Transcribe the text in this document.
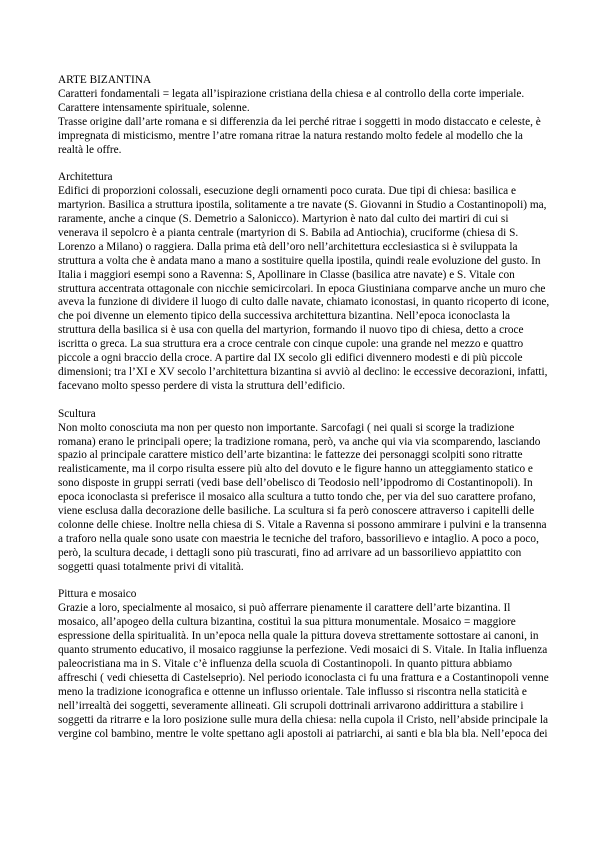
ARTE BIZANTINA

Caratteri fondamentali = legata all’ispirazione cristiana della chiesa e al controllo della corte imperiale. Carattere intensamente spirituale, solenne.

Trasse origine dall’arte romana e si differenzia da lei perché ritrae i soggetti in modo distaccato e celeste, è impregnata di misticismo, mentre l’atre romana ritrae la natura restando molto fedele al modello che la realtà le offre.

Architettura

Edifici di proporzioni colossali, esecuzione degli ornamenti poco curata. Due tipi di chiesa: basilica e martyrion. Basilica a struttura ipostila, solitamente a tre navate (S. Giovanni in Studio a Costantinopoli) ma, raramente, anche a cinque (S. Demetrio a Salonicco). Martyrion è nato dal culto dei martiri di cui si venerava il sepolcro è a pianta centrale (martyrion di S. Babila ad Antiochia), cruciforme (chiesa di S. Lorenzo a Milano) o raggiera. Dalla prima età dell’oro nell’architettura ecclesiastica si è sviluppata la struttura a volta che è andata mano a mano a sostituire quella ipostila, quindi reale evoluzione del gusto. In Italia i maggiori esempi sono a Ravenna: S, Apollinare in Classe (basilica atre navate) e S. Vitale con struttura accentrata ottagonale con nicchie semicircolari. In epoca Giustiniana comparve anche un muro che aveva la funzione di dividere il luogo di culto dalle navate, chiamato iconostasi, in quanto ricoperto di icone, che poi divenne un elemento tipico della successiva architettura bizantina. Nell’epoca iconoclasta la struttura della basilica si è usa con quella del martyrion, formando il nuovo tipo di chiesa, detto a croce iscritta o greca. La sua struttura era a croce centrale con cinque cupole: una grande nel mezzo e quattro piccole a ogni braccio della croce. A partire dal IX secolo gli edifici divennero modesti e di più piccole dimensioni; tra l’XI e XV secolo l’architettura bizantina si avviò al declino: le eccessive decorazioni, infatti, facevano molto spesso perdere di vista la struttura dell’edificio.

Scultura

Non molto conosciuta ma non per questo non importante. Sarcofagi ( nei quali si scorge la tradizione romana) erano le principali opere; la tradizione romana, però, va anche qui via via scomparendo, lasciando spazio al principale carattere mistico dell’arte bizantina: le fattezze dei personaggi scolpiti sono ritratte realisticamente, ma il corpo risulta essere più alto del dovuto e le figure hanno un atteggiamento statico e sono disposte in gruppi serrati (vedi base dell’obelisco di Teodosio nell’ippodromo di Costantinopoli). In epoca iconoclasta si preferisce il mosaico alla scultura a tutto tondo che, per via del suo carattere profano, viene esclusa dalla decorazione delle basiliche. La scultura si fa però conoscere attraverso i capitelli delle colonne delle chiese. Inoltre nella chiesa di S. Vitale a Ravenna si possono ammirare i pulvini e la transenna a traforo nella quale sono usate con maestria le tecniche del traforo, bassorilievo e intaglio. A poco a poco, però, la scultura decade, i dettagli sono più trascurati, fino ad arrivare ad un bassorilievo appiattito con soggetti quasi totalmente privi di vitalità.

Pittura e mosaico

Grazie a loro, specialmente al mosaico, si può afferrare pienamente il carattere dell’arte bizantina. Il mosaico, all’apogeo della cultura bizantina, costituì la sua pittura monumentale. Mosaico = maggiore espressione della spiritualità. In un’epoca nella quale la pittura doveva strettamente sottostare ai canoni, in quanto strumento educativo, il mosaico raggiunse la perfezione. Vedi mosaici di S. Vitale. In Italia influenza paleocristiana ma in S. Vitale c’è influenza della scuola di Costantinopoli. In quanto pittura abbiamo affreschi ( vedi chiesetta di Castelseprio). Nel periodo iconoclasta ci fu una frattura e a Costantinopoli venne meno la tradizione iconografica e ottenne un influsso orientale. Tale influsso si riscontra nella staticità e nell’irrealtà dei soggetti, severamente allineati. Gli scrupoli dottrinali arrivarono addirittura a stabilire i soggetti da ritrarre e la loro posizione sulle mura della chiesa: nella cupola il Cristo, nell’abside principale la vergine col bambino, mentre le volte spettano agli apostoli ai patriarchi, ai santi e bla bla bla. Nell’epoca dei
